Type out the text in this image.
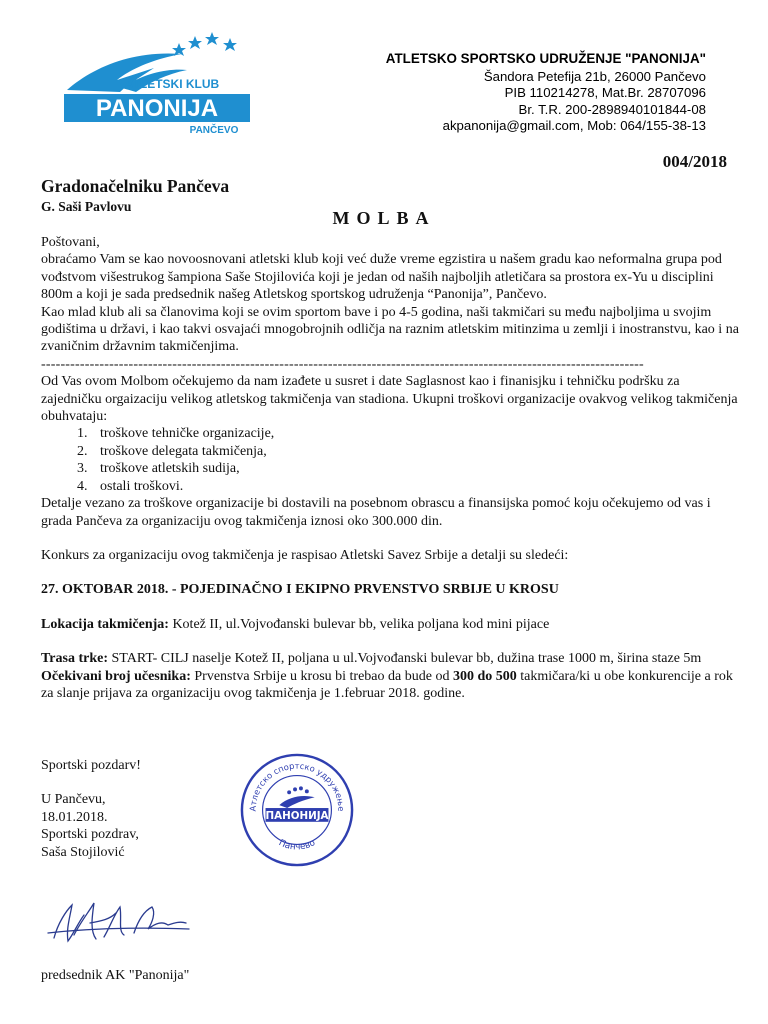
ATLETSKI KLUB
PANONIJA
PANČEVO
ATLETSKO SPORTSKO UDRUŽENJE "PANONIJA"
Šandora Petefija 21b, 26000 Pančevo
PIB 110214278, Mat.Br. 28707096
Br. T.R. 200-2898940101844-08
akpanonija@gmail.com, Mob: 064/155-38-13
004/2018
Gradonačelniku Pančeva
G. Saši Pavlovu
MOLBA

Poštovani,

obraćamo Vam se kao novoosnovani atletski klub koji već duže vreme egzistira u našem gradu kao neformalna grupa pod vođstvom višestrukog šampiona Saše Stojilovića koji je jedan od naših najboljih atletičara sa prostora ex-Yu u disciplini 800m a koji je sada predsednik našeg Atletskog sportskog udruženja “Panonija”, Pančevo.

Kao mlad klub ali sa članovima koji se ovim sportom bave i po 4-5 godina, naši takmičari su među najboljima u svojim godištima u državi, i kao takvi osvajaći mnogobrojnih odličja na raznim atletskim mitinzima u zemlji i inostranstvu, kao i na zvaničnim državnim takmičenjima.

----------------------------------------------------------------------------------------------------------------------------

Od Vas ovom Molbom očekujemo da nam izađete u susret i date Saglasnost kao i finanisjku i tehničku podršku za zajedničku orgaizaciju velikog atletskog takmičenja van stadiona. Ukupni troškovi organizacije ovakvog velikog takmičenja obuhvataju:

1. troškove tehničke organizacije,
2. troškove delegata takmičenja,
3. troškove atletskih sudija,
4. ostali troškovi.

Detalje vezano za troškove organizacije bi dostavili na posebnom obrascu a finansijska pomoć koju očekujemo od vas i grada Pančeva za organizaciju ovog takmičenja iznosi oko 300.000 din.

Konkurs za organizaciju ovog takmičenja je raspisao Atletski Savez Srbije a detalji su sledeći:

27. OKTOBAR 2018. - POJEDINAČNO I EKIPNO PRVENSTVO SRBIJE U KROSU

Lokacija takmičenja: Kotež II, ul.Vojvođanski bulevar bb, velika poljana kod mini pijace

Trasa trke: START- CILJ naselje Kotež II, poljana u ul.Vojvođanski bulevar bb, dužina trase 1000 m, širina staze 5m

Očekivani broj učesnika: Prvenstva Srbije u krosu bi trebao da bude od 300 do 500 takmičara/ki u obe konkurencije a rok za slanje prijava za organizaciju ovog takmičenja je 1.februar 2018. godine.

Sportski pozdarv!

U Pančevu,

18.01.2018.

Sportski pozdrav,

Saša Stojilović

Атлетско спортско удружење
ПАНОНИЈА
Панчево
predsednik AK "Panonija"
